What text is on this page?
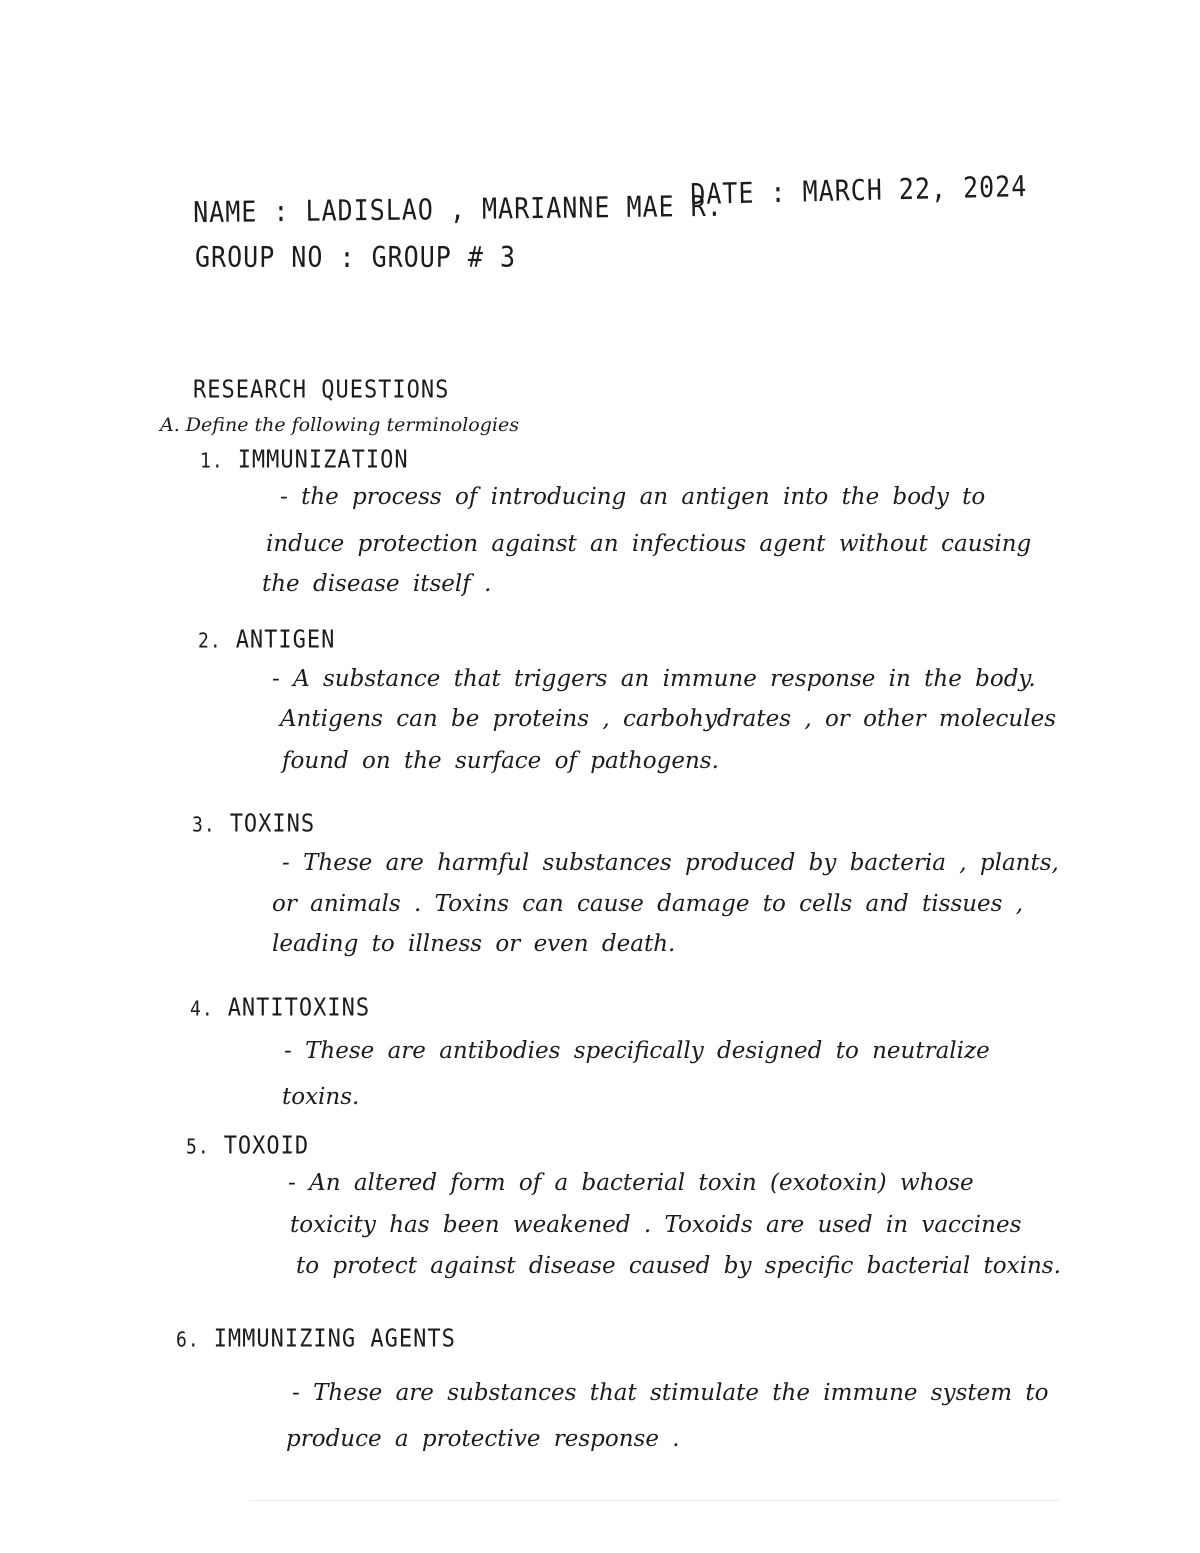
NAME : LADISLAO , MARIANNE MAE R.
DATE : MARCH 22, 2024
GROUP NO : GROUP # 3
RESEARCH QUESTIONS
A. Define the following terminologies
1. IMMUNIZATION
- the process of introducing an antigen into the body to
induce protection against an infectious agent without causing
the disease itself .
2. ANTIGEN
- A substance that triggers an immune response in the body.
Antigens can be proteins , carbohydrates , or other molecules
found on the surface of pathogens.
3. TOXINS
- These are harmful substances produced by bacteria , plants,
or animals . Toxins can cause damage to cells and tissues ,
leading to illness or even death.
4. ANTITOXINS
- These are antibodies specifically designed to neutralize
toxins.
5. TOXOID
- An altered form of a bacterial toxin (exotoxin) whose
toxicity has been weakened . Toxoids are used in vaccines
to protect against disease caused by specific bacterial toxins.
6. IMMUNIZING AGENTS
- These are substances that stimulate the immune system to
produce a protective response .
